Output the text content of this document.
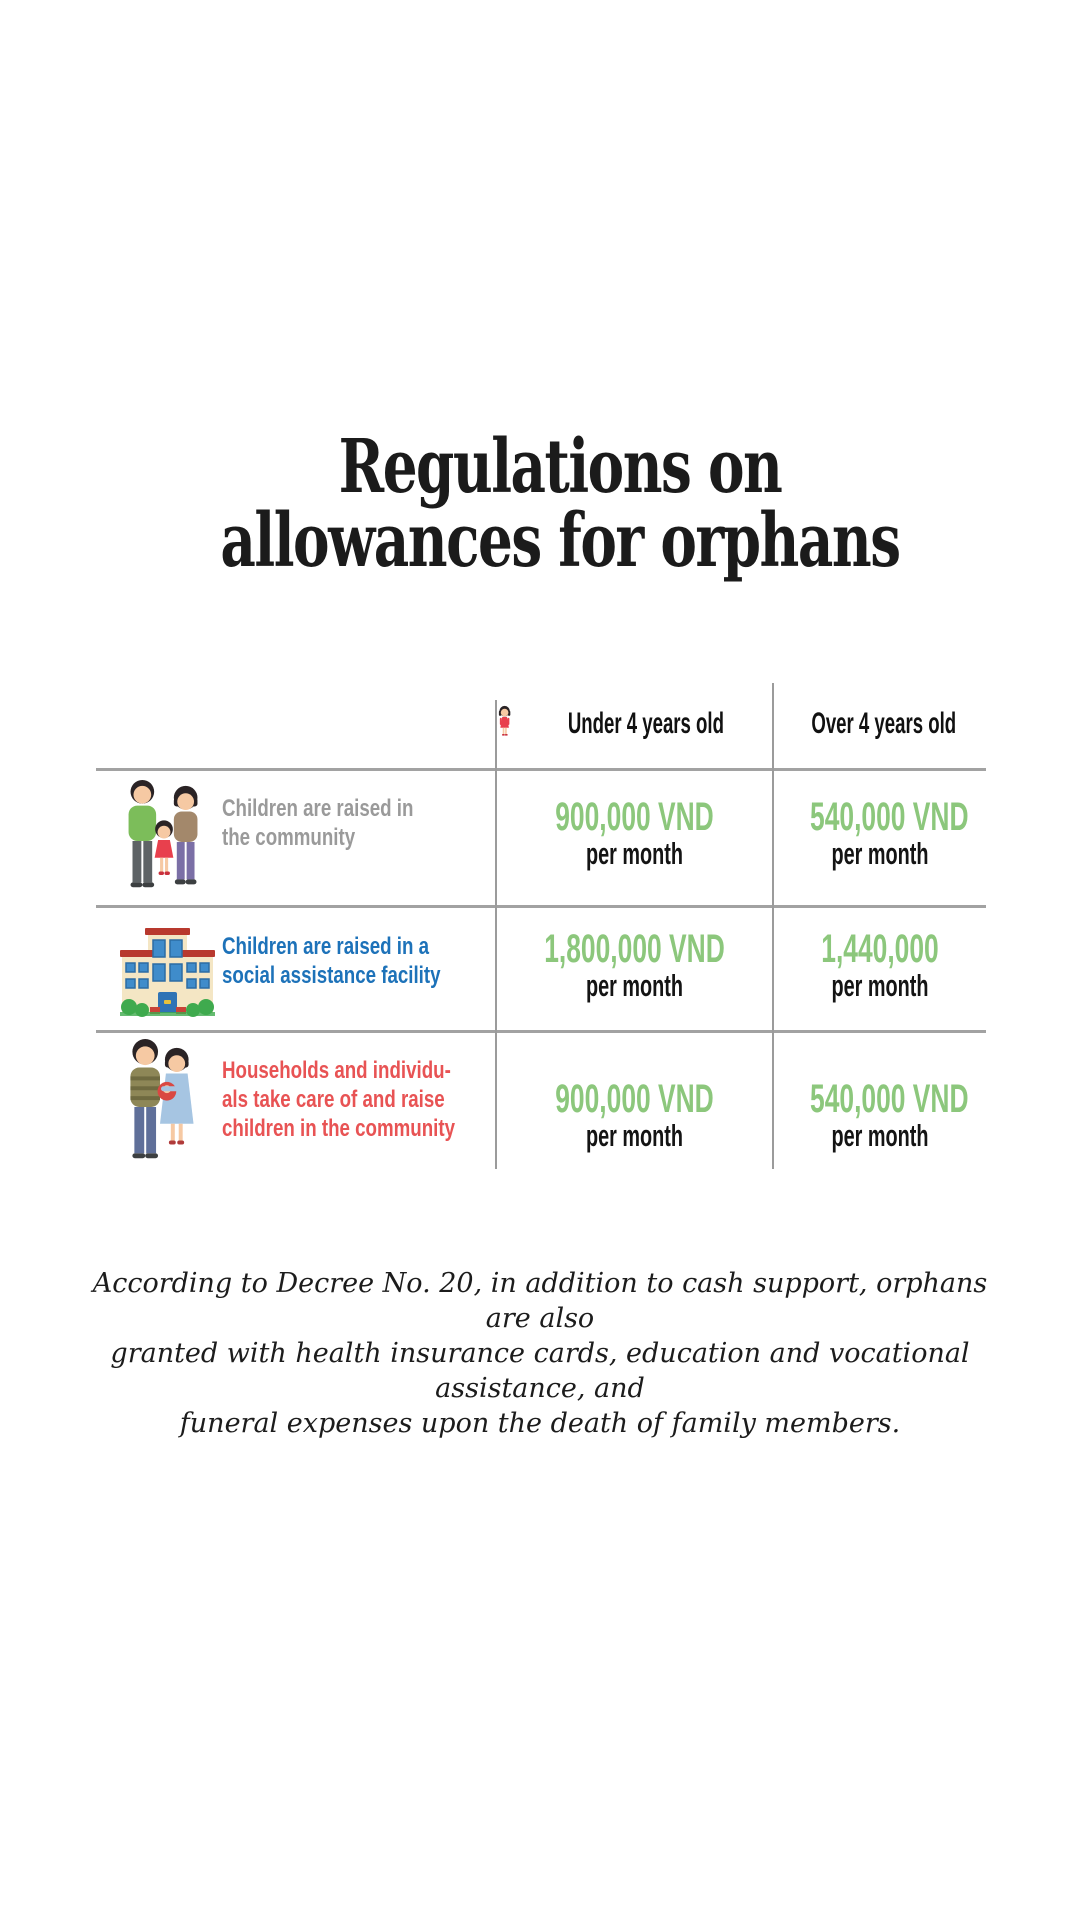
Regulations on
allowances for orphans
Under 4 years old	Over 4 years old
Children are raised in
the community	900,000 VND
per month
540,000 VND
per month
Children are raised in a
social assistance facility
1,800,000 VND
per month
1,440,000
per month
Households and individu-
als take care of and raise
children in the community
900,000 VND
per month
540,000 VND
per month
According to Decree No. 20, in addition to cash support, orphans are also
granted with health insurance cards, education and vocational assistance, and
funeral expenses upon the death of family members.
